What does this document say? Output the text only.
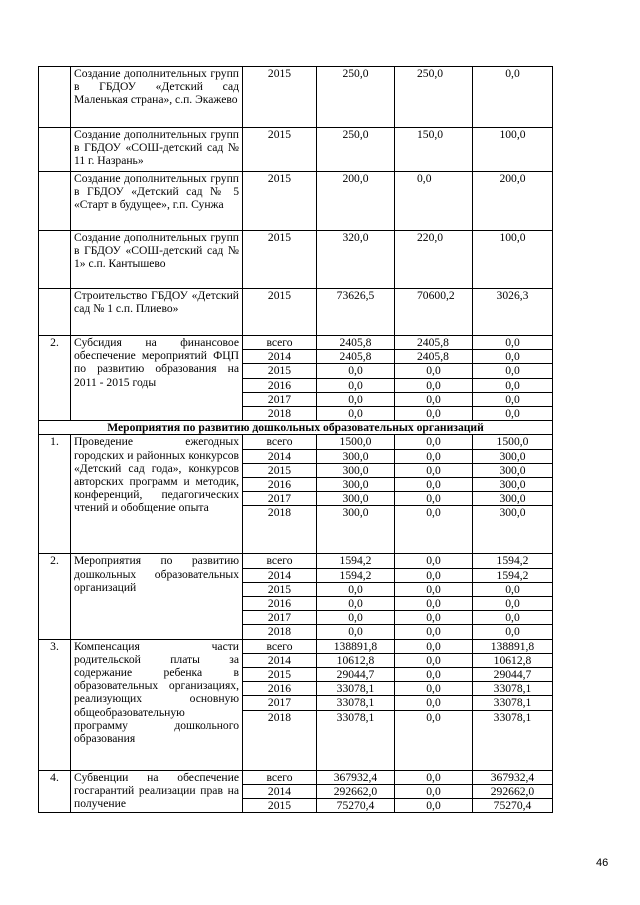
	Создание дополнительных групп в ГБДОУ «Детский сад Маленькая страна», с.п. Экажево	2015	250,0	250,0	0,0
	Создание дополнительных групп в ГБДОУ «СОШ-детский сад № 11 г. Назрань»	2015	250,0	150,0	100,0
	Создание дополнительных групп в ГБДОУ «Детский сад № 5 «Старт в будущее», г.п. Сунжа	2015	200,0	0,0	200,0
	Создание дополнительных групп в ГБДОУ «СОШ-детский сад № 1» с.п. Кантышево	2015	320,0	220,0	100,0
	Строительство ГБДОУ «Детский сад № 1 с.п. Плиево»	2015	73626,5	70600,2	3026,3
2.	Субсидия на финансовое обеспечение мероприятий ФЦП по развитию образования на 2011 - 2015 годы	всего	2405,8	2405,8	0,0
		2014	2405,8	2405,8	0,0
		2015	0,0	0,0	0,0
		2016	0,0	0,0	0,0
		2017	0,0	0,0	0,0
		2018	0,0	0,0	0,0
Мероприятия по развитию дошкольных образовательных организаций					
1.	Проведение ежегодных городских и районных конкурсов «Детский сад года», конкурсов авторских программ и методик, конференций, педагогических чтений и обобщение опыта	всего	1500,0	0,0	1500,0
		2014	300,0	0,0	300,0
		2015	300,0	0,0	300,0
		2016	300,0	0,0	300,0
		2017	300,0	0,0	300,0
		2018	300,0	0,0	300,0
2.	Мероприятия по развитию дошкольных образовательных организаций	всего	1594,2	0,0	1594,2
		2014	1594,2	0,0	1594,2
		2015	0,0	0,0	0,0
		2016	0,0	0,0	0,0
		2017	0,0	0,0	0,0
		2018	0,0	0,0	0,0
3.	Компенсация части родительской платы за содержание ребенка в образовательных организациях, реализующих основную общеобразовательную программу дошкольного образования	всего	138891,8	0,0	138891,8
		2014	10612,8	0,0	10612,8
		2015	29044,7	0,0	29044,7
		2016	33078,1	0,0	33078,1
		2017	33078,1	0,0	33078,1
		2018	33078,1	0,0	33078,1
4.	Субвенции на обеспечение госгарантий реализации прав на получение	всего	367932,4	0,0	367932,4
		2014	292662,0	0,0	292662,0
		2015	75270,4	0,0	75270,4
46
